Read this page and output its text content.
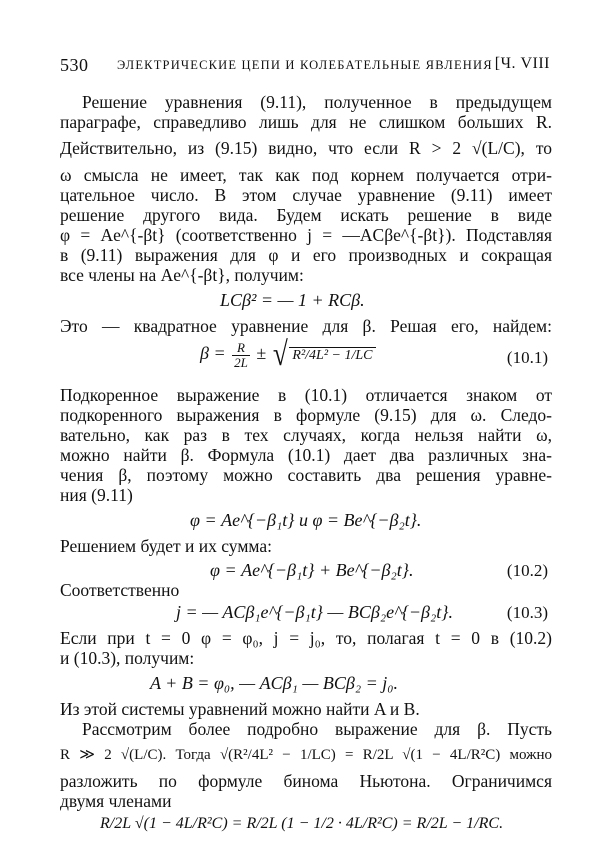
530 ЭЛЕКТРИЧЕСКИЕ ЦЕПИ И КОЛЕБАТЕЛЬНЫЕ ЯВЛЕНИЯ [Ч. VIII
Решение уравнения (9.11), полученное в предыдущем
параграфе, справедливо лишь для не слишком больших R.
Действительно, из (9.15) видно, что если R > 2 √(L/C), то
ω смысла не имеет, так как под корнем получается отри-
цательное число. В этом случае уравнение (9.11) имеет
решение другого вида. Будем искать решение в виде
φ = Ae^{-βt} (соответственно j = —ACβe^{-βt}). Подставляя
в (9.11) выражения для φ и его производных и сокращая
все члены на Ae^{-βt}, получим:
LCβ² = — 1 + RCβ.
Это — квадратное уравнение для β. Решая его, найдем:
$\beta = \frac{R}{2L}$ ± √ R²/4L² − 1/LC	(10.1)
Подкоренное выражение в (10.1) отличается знаком от
подкоренного выражения в формуле (9.15) для ω. Следо-
вательно, как раз в тех случаях, когда нельзя найти ω,
можно найти β. Формула (10.1) дает два различных зна-
чения β, поэтому можно составить два решения уравне-
ния (9.11)
φ = Ae^{−β₁t} и φ = Be^{−β₂t}.
Решением будет и их сумма:
φ = Ae^{−β₁t} + Be^{−β₂t}.	(10.2)
Соответственно
j = — ACβ₁e^{−β₁t} — BCβ₂e^{−β₂t}.	(10.3)
Если при t = 0 φ = φ₀, j = j₀, то, полагая t = 0 в (10.2)
и (10.3), получим:
A + B = φ₀, — ACβ₁ — BCβ₂ = j₀.
Из этой системы уравнений можно найти A и B.
Рассмотрим более подробно выражение для β. Пусть
R ≫ 2 √(L/C). Тогда √(R²/4L² − 1/LC) = R/2L √(1 − 4L/R²C) можно
разложить по формуле бинома Ньютона. Ограничимся
двумя членами
R/2L √(1 − 4L/R²C) = R/2L (1 − 1/2 · 4L/R²C) = R/2L − 1/RC.
